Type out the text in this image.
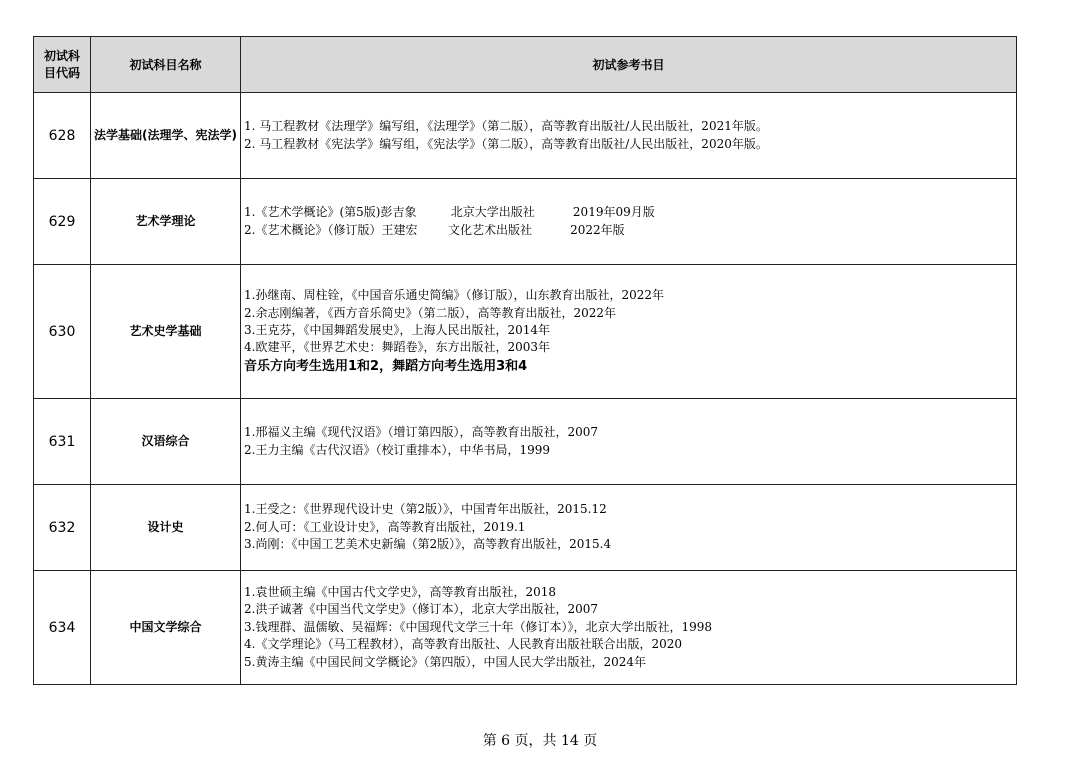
初试科目代码	初试科目名称	初试参考书目
628	法学基础(法理学、宪法学)	1. 马工程教材《法理学》编写组，《法理学》（第二版），高等教育出版社/人民出版社，2021年版。
2. 马工程教材《宪法学》编写组，《宪法学》（第二版），高等教育出版社/人民出版社，2020年版。

629	艺术学理论	1.《艺术学概论》(第5版)彭吉象         北京大学出版社          2019年09月版
2.《艺术概论》（修订版）王建宏        文化艺术出版社          2022年版

630	艺术史学基础	1.孙继南、周柱铨，《中国音乐通史简编》（修订版），山东教育出版社，2022年
2.余志刚编著，《西方音乐简史》（第二版），高等教育出版社，2022年
3.王克芬，《中国舞蹈发展史》，上海人民出版社，2014年
4.欧建平，《世界艺术史：舞蹈卷》，东方出版社，2003年
音乐方向考生选用1和2，舞蹈方向考生选用3和4

631	汉语综合	1.邢福义主编《现代汉语》（增订第四版），高等教育出版社，2007
2.王力主编《古代汉语》（校订重排本），中华书局，1999

632	设计史	1.王受之：《世界现代设计史（第2版）》，中国青年出版社，2015.12
2.何人可：《工业设计史》，高等教育出版社，2019.1
3.尚刚：《中国工艺美术史新编（第2版）》，高等教育出版社，2015.4

634	中国文学综合	1.袁世硕主编《中国古代文学史》，高等教育出版社，2018
2.洪子诚著《中国当代文学史》（修订本），北京大学出版社，2007
3.钱理群、温儒敏、吴福辉：《中国现代文学三十年（修订本）》，北京大学出版社，1998
4.《文学理论》（马工程教材），高等教育出版社、人民教育出版社联合出版，2020
5.黄涛主编《中国民间文学概论》（第四版），中国人民大学出版社，2024年
第 6 页，共 14 页
